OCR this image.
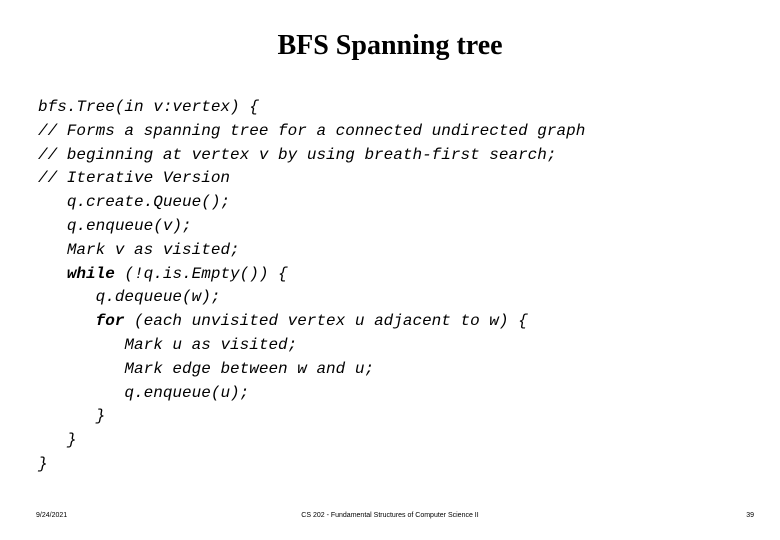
BFS Spanning tree
bfs.Tree(in v:vertex) {
// Forms a spanning tree for a connected undirected graph
// beginning at vertex v by using breath-first search;
// Iterative Version
q.create.Queue();
q.enqueue(v);
Mark v as visited;
while (!q.is.Empty()) {
q.dequeue(w);
for (each unvisited vertex u adjacent to w) {
Mark u as visited;
Mark edge between w and u;
q.enqueue(u);
}
}
}
9/24/2021	CS 202 - Fundamental Structures of Computer Science II	39
